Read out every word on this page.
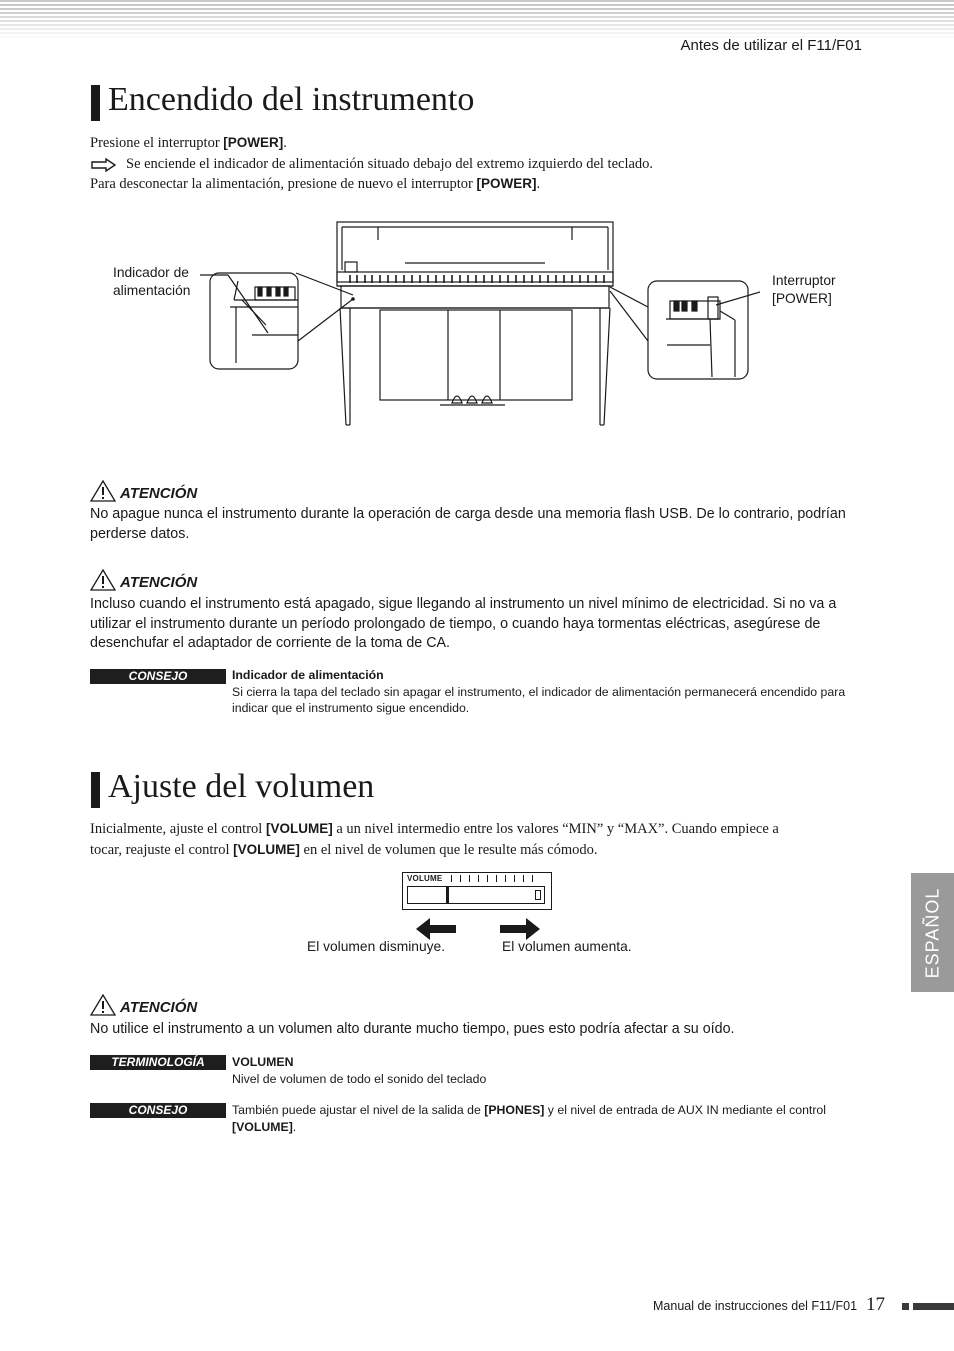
Antes de utilizar el F11/F01
Encendido del instrumento
Presione el interruptor [POWER].
Se enciende el indicador de alimentación situado debajo del extremo izquierdo del teclado.
Para desconectar la alimentación, presione de nuevo el interruptor [POWER].
Indicador de
alimentación
Interruptor
[POWER]
ATENCIÓN
No apague nunca el instrumento durante la operación de carga desde una memoria flash USB. De lo contrario, podrían perderse datos.
ATENCIÓN
Incluso cuando el instrumento está apagado, sigue llegando al instrumento un nivel mínimo de electricidad. Si no va a utilizar el instrumento durante un período prolongado de tiempo, o cuando haya tormentas eléctricas, asegúrese de desenchufar el adaptador de corriente de la toma de CA.
CONSEJO	Indicador de alimentación
Si cierra la tapa del teclado sin apagar el instrumento, el indicador de alimentación permanecerá encendido para indicar que el instrumento sigue encendido.
Ajuste del volumen
Inicialmente, ajuste el control [VOLUME] a un nivel intermedio entre los valores “MIN” y “MAX”. Cuando empiece a
tocar, reajuste el control [VOLUME] en el nivel de volumen que le resulte más cómodo.
VOLUME
El volumen disminuye.	El volumen aumenta.
ATENCIÓN
No utilice el instrumento a un volumen alto durante mucho tiempo, pues esto podría afectar a su oído.
TERMINOLOGÍA	VOLUMEN
Nivel de volumen de todo el sonido del teclado
CONSEJO	También puede ajustar el nivel de la salida de [PHONES] y el nivel de entrada de AUX IN mediante el control
[VOLUME].
ESPAÑOL
Manual de instrucciones del F11/F01 17
